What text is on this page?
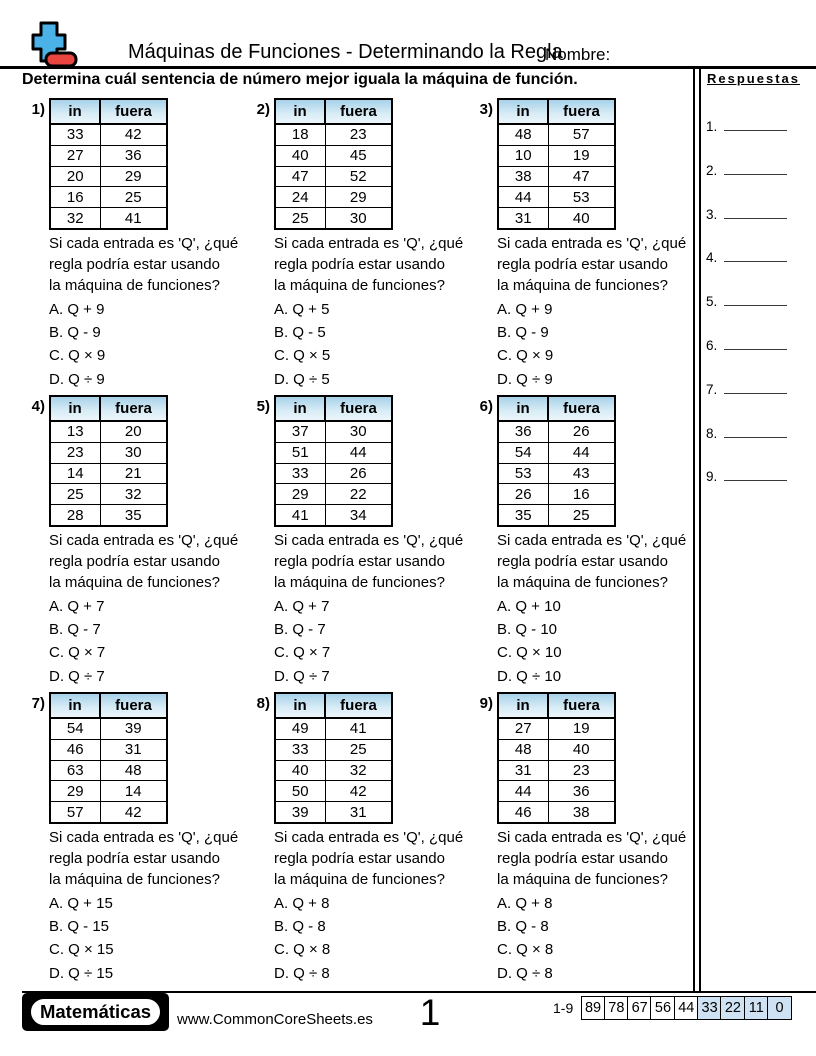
Máquinas de Funciones - Determinando la Regla
Nombre:
Determina cuál sentencia de número mejor iguala la máquina de función.	Respuestas
1.
2.
3.
4.
5.
6.
7.
8.
9.
1) in	fuera
33	42
27	36
20	29
16	25
32	41
Si cada entrada es 'Q', ¿qué
regla podría estar usando
la máquina de funciones?
A. Q + 9
B. Q - 9
C. Q × 9
D. Q ÷ 9
2) in	fuera
18	23
40	45
47	52
24	29
25	30
Si cada entrada es 'Q', ¿qué
regla podría estar usando
la máquina de funciones?
A. Q + 5
B. Q - 5
C. Q × 5
D. Q ÷ 5
3) in	fuera
48	57
10	19
38	47
44	53
31	40
Si cada entrada es 'Q', ¿qué
regla podría estar usando
la máquina de funciones?
A. Q + 9
B. Q - 9
C. Q × 9
D. Q ÷ 9
4) in	fuera
13	20
23	30
14	21
25	32
28	35
Si cada entrada es 'Q', ¿qué
regla podría estar usando
la máquina de funciones?
A. Q + 7
B. Q - 7
C. Q × 7
D. Q ÷ 7
5) in	fuera
37	30
51	44
33	26
29	22
41	34
Si cada entrada es 'Q', ¿qué
regla podría estar usando
la máquina de funciones?
A. Q + 7
B. Q - 7
C. Q × 7
D. Q ÷ 7
6) in	fuera
36	26
54	44
53	43
26	16
35	25
Si cada entrada es 'Q', ¿qué
regla podría estar usando
la máquina de funciones?
A. Q + 10
B. Q - 10
C. Q × 10
D. Q ÷ 10
7) in	fuera
54	39
46	31
63	48
29	14
57	42
Si cada entrada es 'Q', ¿qué
regla podría estar usando
la máquina de funciones?
A. Q + 15
B. Q - 15
C. Q × 15
D. Q ÷ 15
8) in	fuera
49	41
33	25
40	32
50	42
39	31
Si cada entrada es 'Q', ¿qué
regla podría estar usando
la máquina de funciones?
A. Q + 8
B. Q - 8
C. Q × 8
D. Q ÷ 8
9) in	fuera
27	19
48	40
31	23
44	36
46	38
Si cada entrada es 'Q', ¿qué
regla podría estar usando
la máquina de funciones?
A. Q + 8
B. Q - 8
C. Q × 8
D. Q ÷ 8
Matemáticas	www.CommonCoreSheets.es	1	1-9 89 78 67 56 44 33 22 11 0
